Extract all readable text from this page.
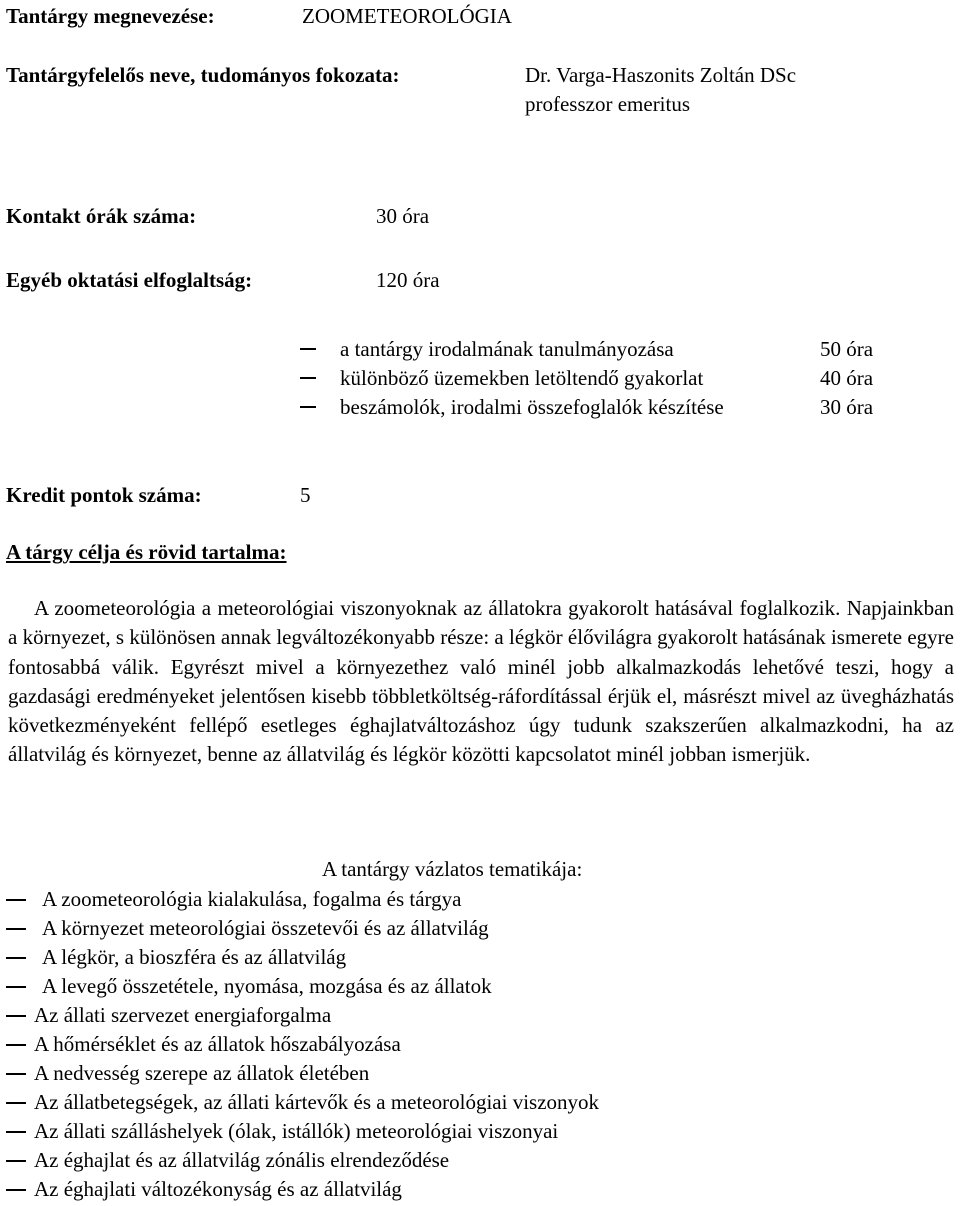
Tantárgy megnevezése:	ZOOMETEOROLÓGIA
Tantárgyfelelős neve, tudományos fokozata:	Dr. Varga-Haszonits Zoltán DSc
professzor emeritus
Kontakt órák száma:	30 óra
Egyéb oktatási elfoglaltság:	120 óra
a tantárgy irodalmának tanulmányozása	50 óra
különböző üzemekben letöltendő gyakorlat	40 óra
beszámolók, irodalmi összefoglalók készítése	30 óra
Kredit pontok száma:	5
A tárgy célja és rövid tartalma:

A zoometeorológia a meteorológiai viszonyoknak az állatokra gyakorolt hatásával foglalkozik. Napjainkban a környezet, s különösen annak legváltozékonyabb része: a légkör élővilágra gyakorolt hatásának ismerete egyre fontosabbá válik. Egyrészt mivel a környezethez való minél jobb alkalmazkodás lehetővé teszi, hogy a gazdasági eredményeket jelentősen kisebb többletköltség-ráfordítással érjük el, másrészt mivel az üvegházhatás következményeként fellépő esetleges éghajlatváltozáshoz úgy tudunk szakszerűen alkalmazkodni, ha az állatvilág és környezet, benne az állatvilág és légkör közötti kapcsolatot minél jobban ismerjük.

A tantárgy vázlatos tematikája:
A zoometeorológia kialakulása, fogalma és tárgya
A környezet meteorológiai összetevői és az állatvilág
A légkör, a bioszféra és az állatvilág
A levegő összetétele, nyomása, mozgása és az állatok
Az állati szervezet energiaforgalma
A hőmérséklet és az állatok hőszabályozása
A nedvesség szerepe az állatok életében
Az állatbetegségek, az állati kártevők és a meteorológiai viszonyok
Az állati szálláshelyek (ólak, istállók) meteorológiai viszonyai
Az éghajlat és az állatvilág zónális elrendeződése
Az éghajlati változékonyság és az állatvilág
